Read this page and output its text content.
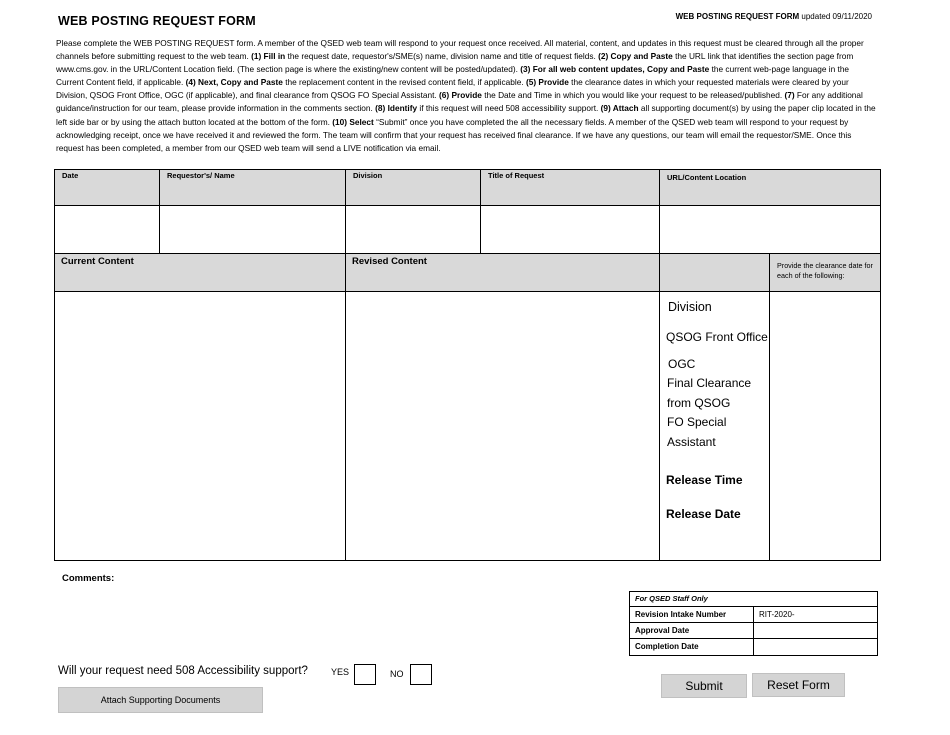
WEB POSTING REQUEST FORM	WEB POSTING REQUEST FORM updated 09/11/2020
Please complete the WEB POSTING REQUEST form. A member of the QSED web team will respond to your request once received. All material, content, and updates in this request must be cleared through all the proper channels before submitting request to the web team. (1) Fill in the request date, requestor's/SME(s) name, division name and title of request fields. (2) Copy and Paste the URL link that identifies the section page from www.cms.gov. in the URL/Content Location field. (The section page is where the existing/new content will be posted/updated). (3) For all web content updates, Copy and Paste the current web-page language in the Current Content field, if applicable. (4) Next, Copy and Paste the replacement content in the revised content field, if applicable. (5) Provide the clearance dates in which your requested materials were cleared by your Division, QSOG Front Office, OGC (if applicable), and final clearance from QSOG FO Special Assistant. (6) Provide the Date and Time in which you would like your request to be released/published. (7) For any additional guidance/instruction for our team, please provide information in the comments section. (8) Identify if this request will need 508 accessibility support. (9) Attach all supporting document(s) by using the paper clip located in the left side bar or by using the attach button located at the bottom of the form. (10) Select “Submit” once you have completed the all the necessary fields. A member of the QSED web team will respond to your request by acknowledging receipt, once we have received it and reviewed the form. The team will confirm that your request has received final clearance. If we have any questions, our team will email the requestor/SME. Once this request has been completed, a member from our QSED web team will send a LIVE notification via email.
Date	Requestor's/ Name	Division	Title of Request	URL/Content Location
Current Content	Revised Content	Provide the clearance date for each of the following:
Division
QSOG Front Office
OGC
Final Clearance
from QSOG
FO Special
Assistant
Release Time
Release Date
Comments:
For QSED Staff Only
Revision Intake Number	RIT-2020-
Approval Date
Completion Date
Will your request need 508 Accessibility support?	YES	NO
Attach Supporting Documents
Submit	Reset Form
